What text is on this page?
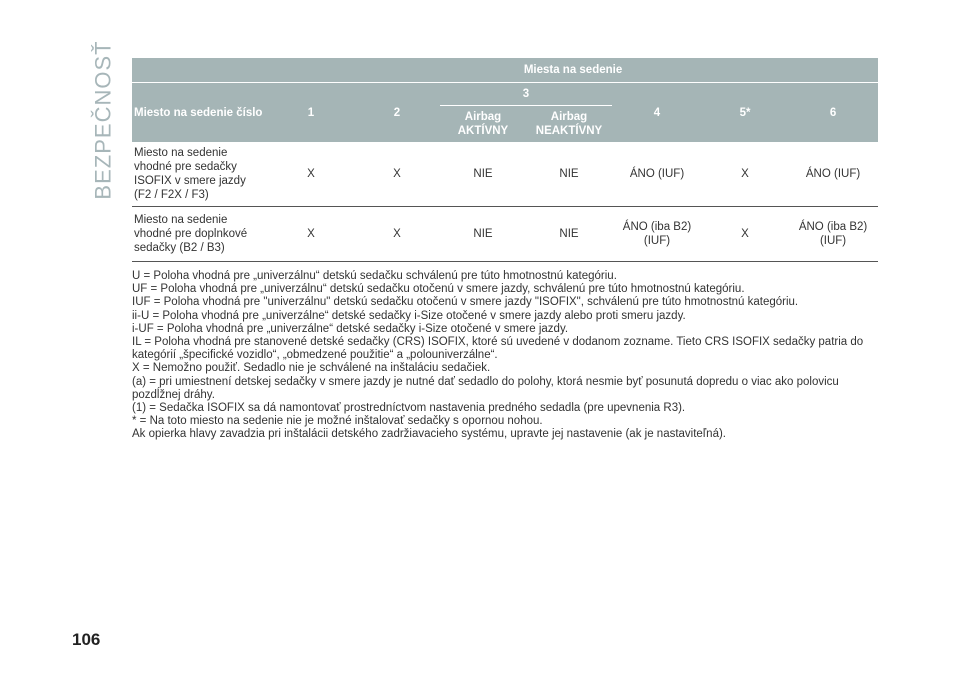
BEZPEČNOSŤ
		Miesta na sedenie						
Miesto na sedenie číslo	1	2	3		4	5*	6
			Airbag AKTÍVNY	Airbag NEAKTÍVNY			
Miesto na sedenie vhodné pre sedačky ISOFIX v smere jazdy (F2 / F2X / F3)	X	X	NIE	NIE	ÁNO (IUF)	X	ÁNO (IUF)
Miesto na sedenie vhodné pre doplnkové sedačky (B2 / B3)	X	X	NIE	NIE	ÁNO (iba B2) (IUF)	X	ÁNO (iba B2) (IUF)

U = Poloha vhodná pre „univerzálnu“ detskú sedačku schválenú pre túto hmotnostnú kategóriu.

UF = Poloha vhodná pre „univerzálnu“ detskú sedačku otočenú v smere jazdy, schválenú pre túto hmotnostnú kategóriu.

IUF = Poloha vhodná pre "univerzálnu" detskú sedačku otočenú v smere jazdy "ISOFIX", schválenú pre túto hmotnostnú kategóriu.

ii-U = Poloha vhodná pre „univerzálne“ detské sedačky i-Size otočené v smere jazdy alebo proti smeru jazdy.

i-UF = Poloha vhodná pre „univerzálne“ detské sedačky i-Size otočené v smere jazdy.

IL = Poloha vhodná pre stanovené detské sedačky (CRS) ISOFIX, ktoré sú uvedené v dodanom zozname. Tieto CRS ISOFIX sedačky patria do kategórií „špecifické vozidlo“, „obmedzené použitie“ a „polouniverzálne“.

X = Nemožno použiť. Sedadlo nie je schválené na inštaláciu sedačiek.

(a) = pri umiestnení detskej sedačky v smere jazdy je nutné dať sedadlo do polohy, ktorá nesmie byť posunutá dopredu o viac ako polovicu pozdĺžnej dráhy.

(1) = Sedačka ISOFIX sa dá namontovať prostredníctvom nastavenia predného sedadla (pre upevnenia R3).

* = Na toto miesto na sedenie nie je možné inštalovať sedačky s opornou nohou.

Ak opierka hlavy zavadzia pri inštalácii detského zadržiavacieho systému, upravte jej nastavenie (ak je nastaviteľná).

106
